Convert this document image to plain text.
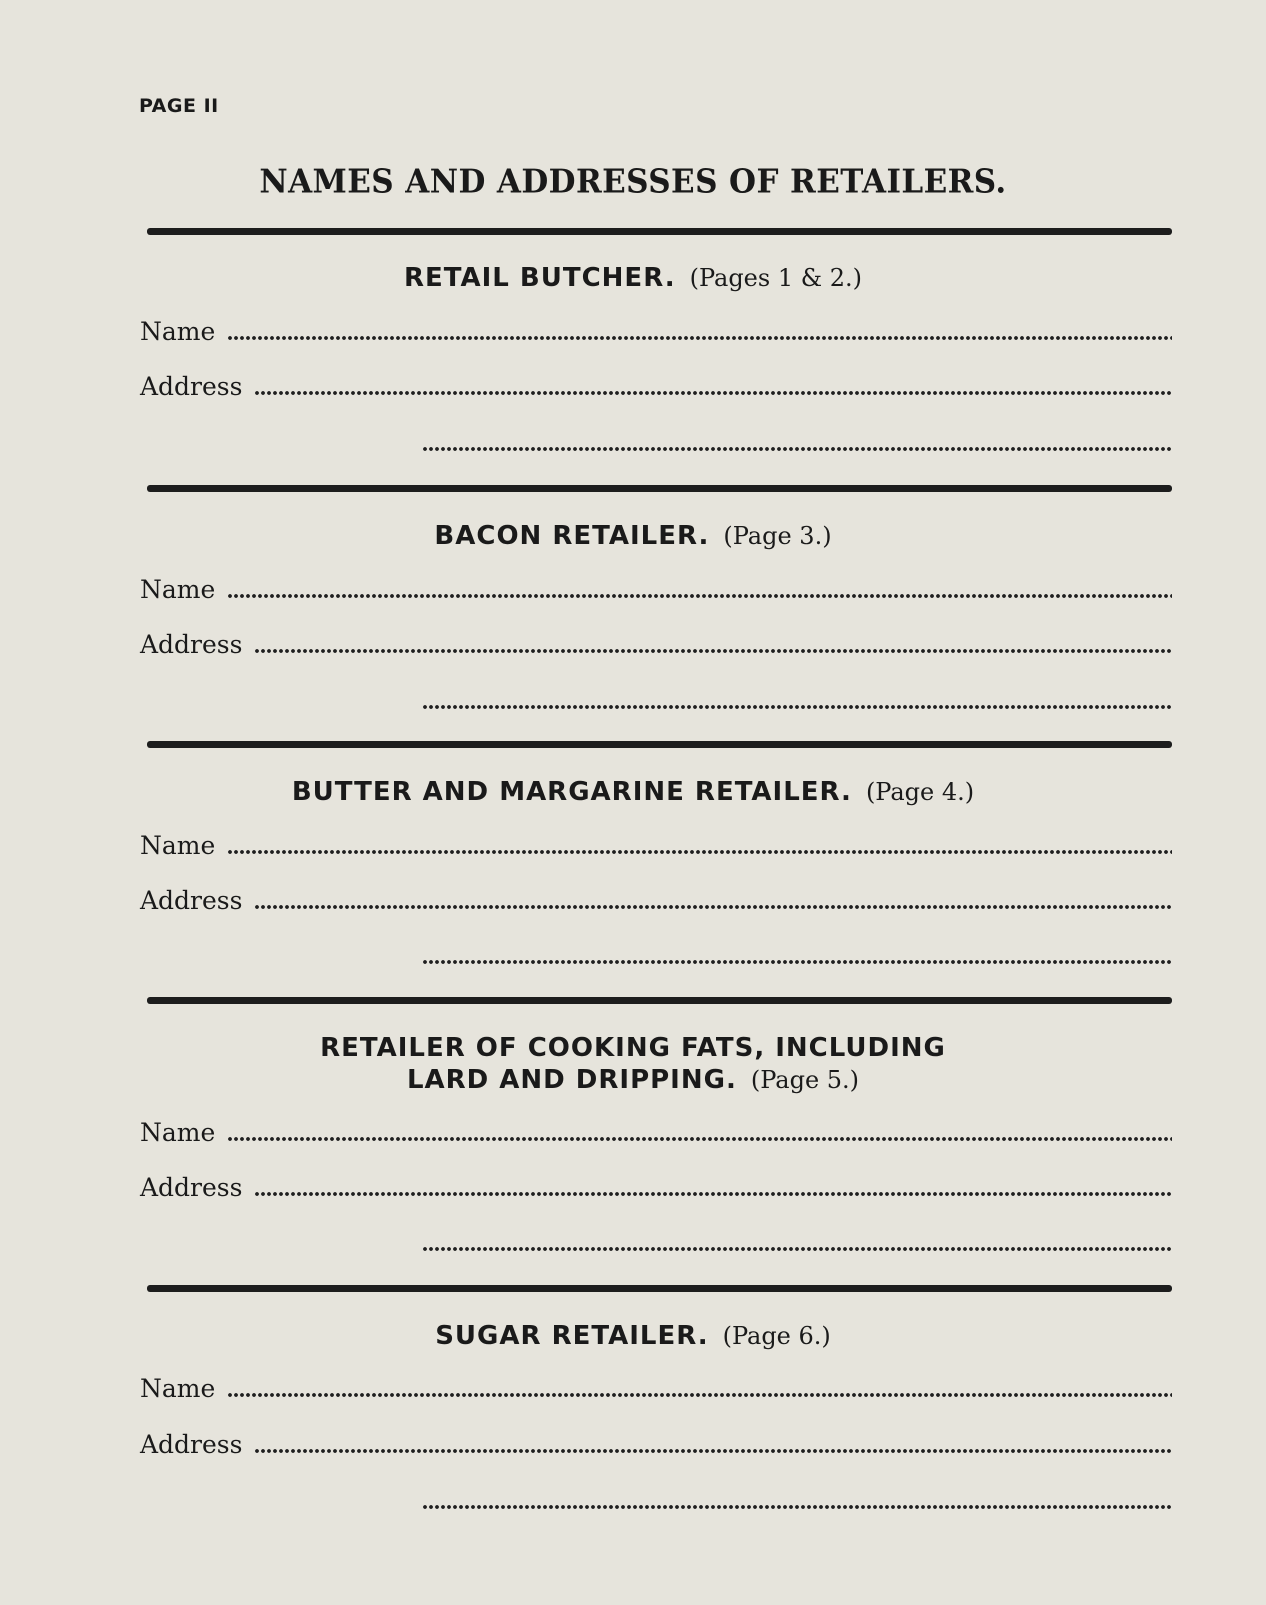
PAGE II

NAMES AND ADDRESSES OF RETAILERS.
RETAIL BUTCHER. (Pages 1 & 2.)
Name
Address
BACON RETAILER. (Page 3.)
Name
Address
BUTTER AND MARGARINE RETAILER. (Page 4.)
Name
Address
RETAILER OF COOKING FATS, INCLUDING
LARD AND DRIPPING. (Page 5.)
Name
Address
SUGAR RETAILER. (Page 6.)
Name
Address
